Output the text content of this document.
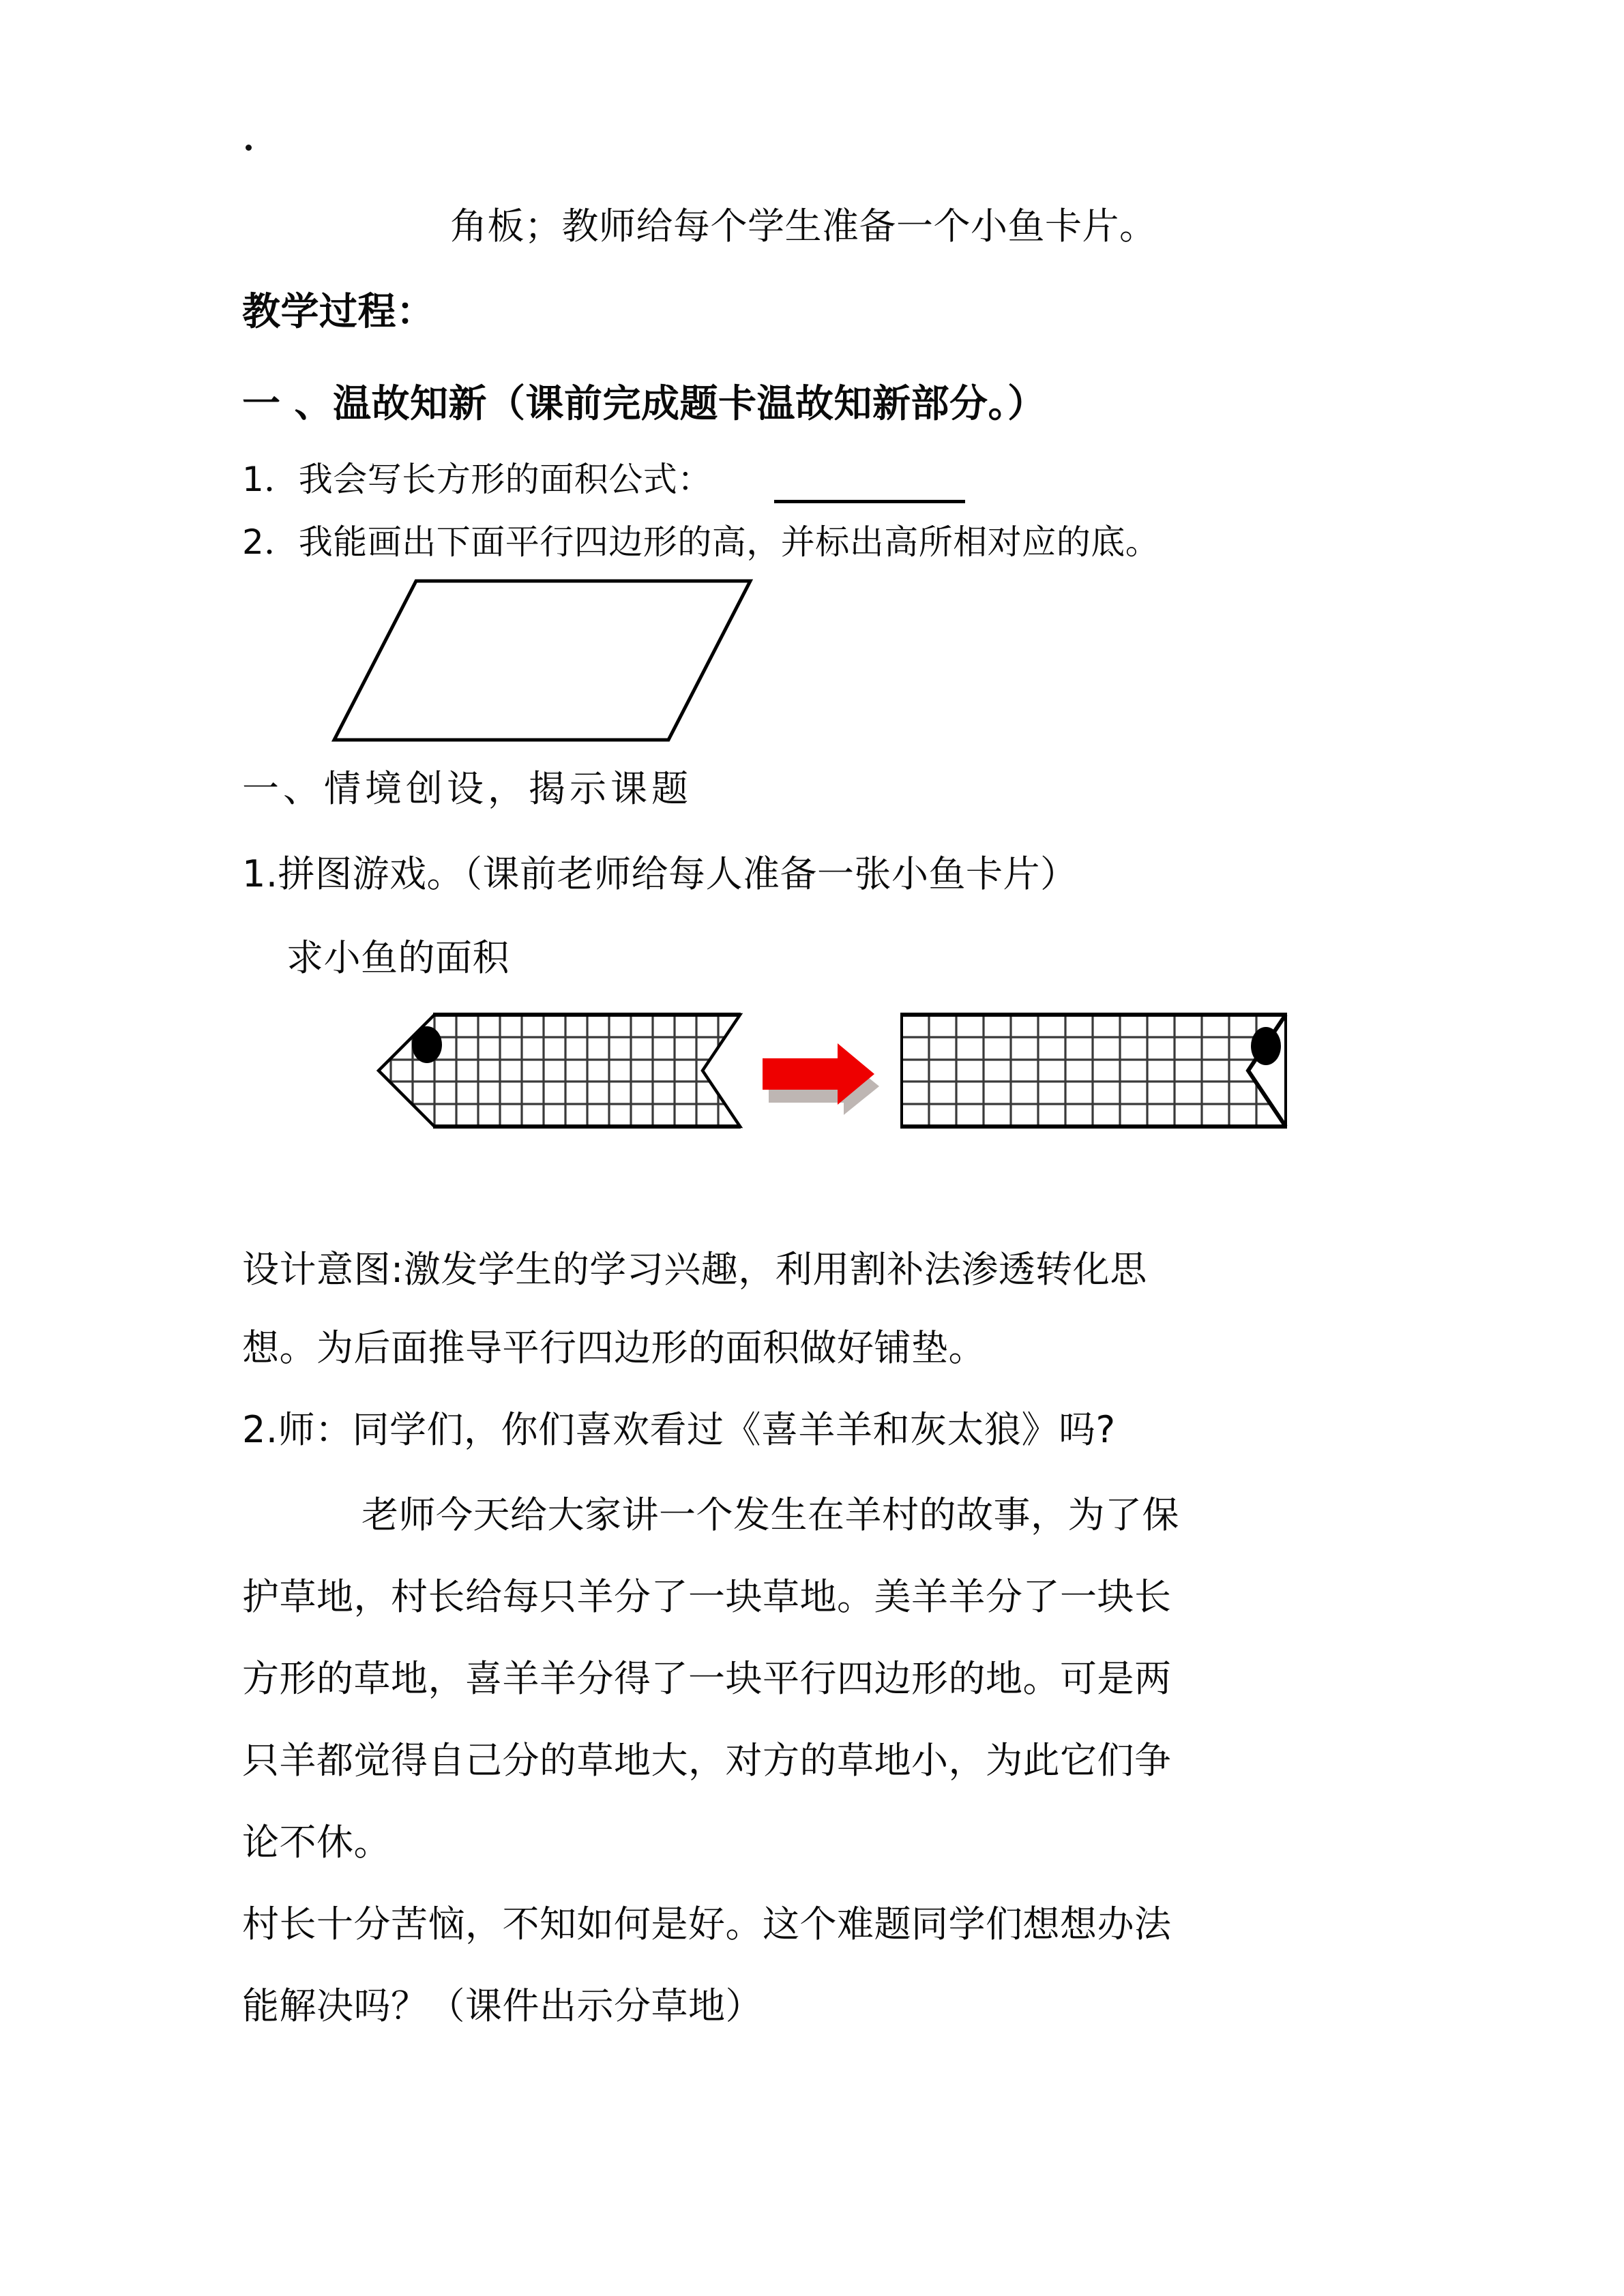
角板；教师给每个学生准备一个小鱼卡片。
教学过程：
一 、温故知新（课前完成题卡温故知新部分。）
1．我会写长方形的面积公式：
2．我能画出下面平行四边形的高，并标出高所相对应的底。
一、情境创设，揭示课题
1.拼图游戏。（课前老师给每人准备一张小鱼卡片）
求小鱼的面积
设计意图:激发学生的学习兴趣，利用割补法渗透转化思
想。为后面推导平行四边形的面积做好铺垫。
2.师：同学们，你们喜欢看过《喜羊羊和灰太狼》吗?
老师今天给大家讲一个发生在羊村的故事，为了保
护草地，村长给每只羊分了一块草地。美羊羊分了一块长
方形的草地，喜羊羊分得了一块平行四边形的地。可是两
只羊都觉得自己分的草地大，对方的草地小，为此它们争
论不休。
村长十分苦恼，不知如何是好。这个难题同学们想想办法
能解决吗？（课件出示分草地）
